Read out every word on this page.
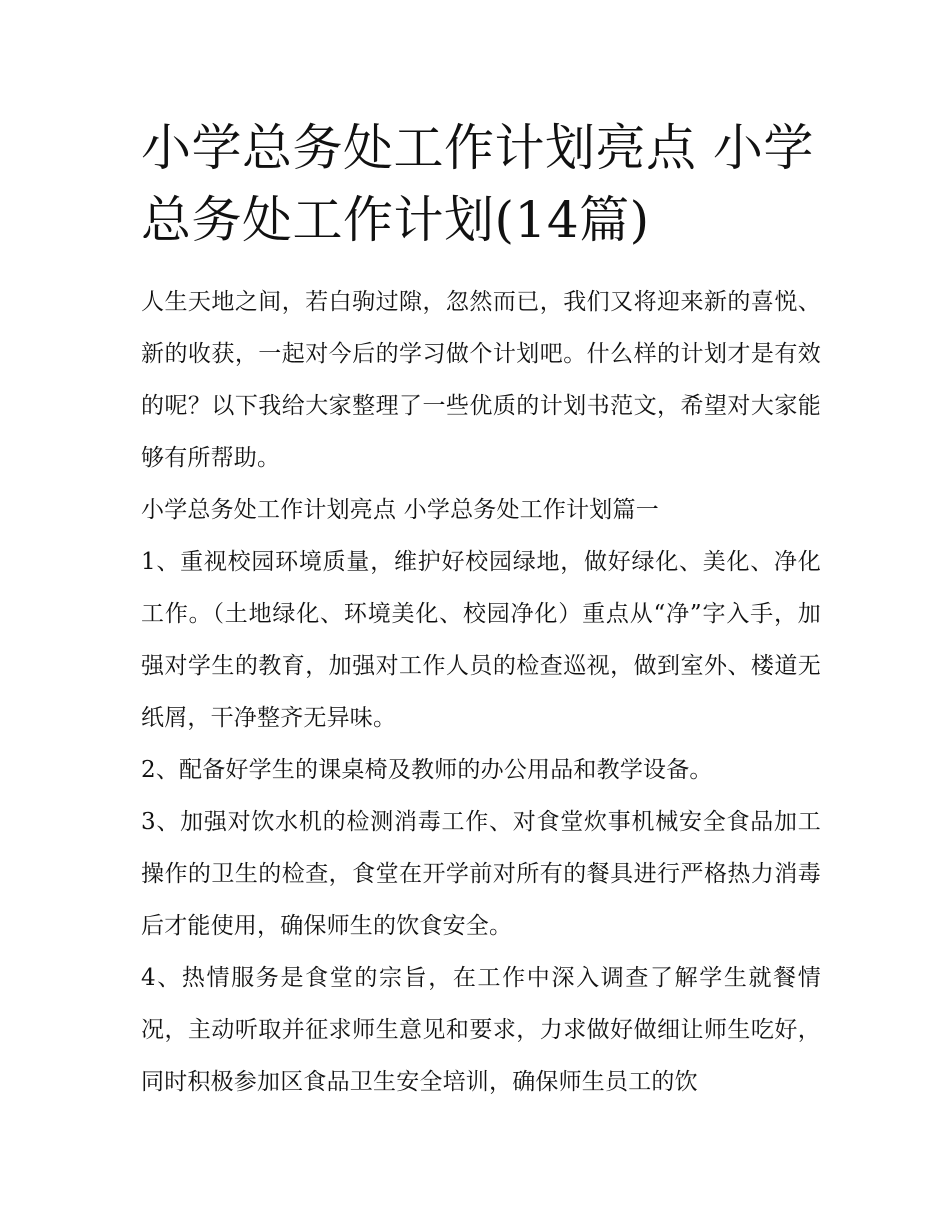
小学总务处工作计划亮点 小学总务处工作计划(14篇)

人生天地之间，若白驹过隙，忽然而已，我们又将迎来新的喜悦、新的收获，一起对今后的学习做个计划吧。什么样的计划才是有效的呢？以下我给大家整理了一些优质的计划书范文，希望对大家能够有所帮助。

小学总务处工作计划亮点 小学总务处工作计划篇一

1、重视校园环境质量，维护好校园绿地，做好绿化、美化、净化工作。（土地绿化、环境美化、校园净化）重点从“净”字入手，加强对学生的教育，加强对工作人员的检查巡视，做到室外、楼道无纸屑，干净整齐无异味。

2、配备好学生的课桌椅及教师的办公用品和教学设备。

3、加强对饮水机的检测消毒工作、对食堂炊事机械安全食品加工操作的卫生的检查，食堂在开学前对所有的餐具进行严格热力消毒后才能使用，确保师生的饮食安全。

4、热情服务是食堂的宗旨，在工作中深入调查了解学生就餐情况，主动听取并征求师生意见和要求，力求做好做细让师生吃好，同时积极参加区食品卫生安全培训，确保师生员工的饮
